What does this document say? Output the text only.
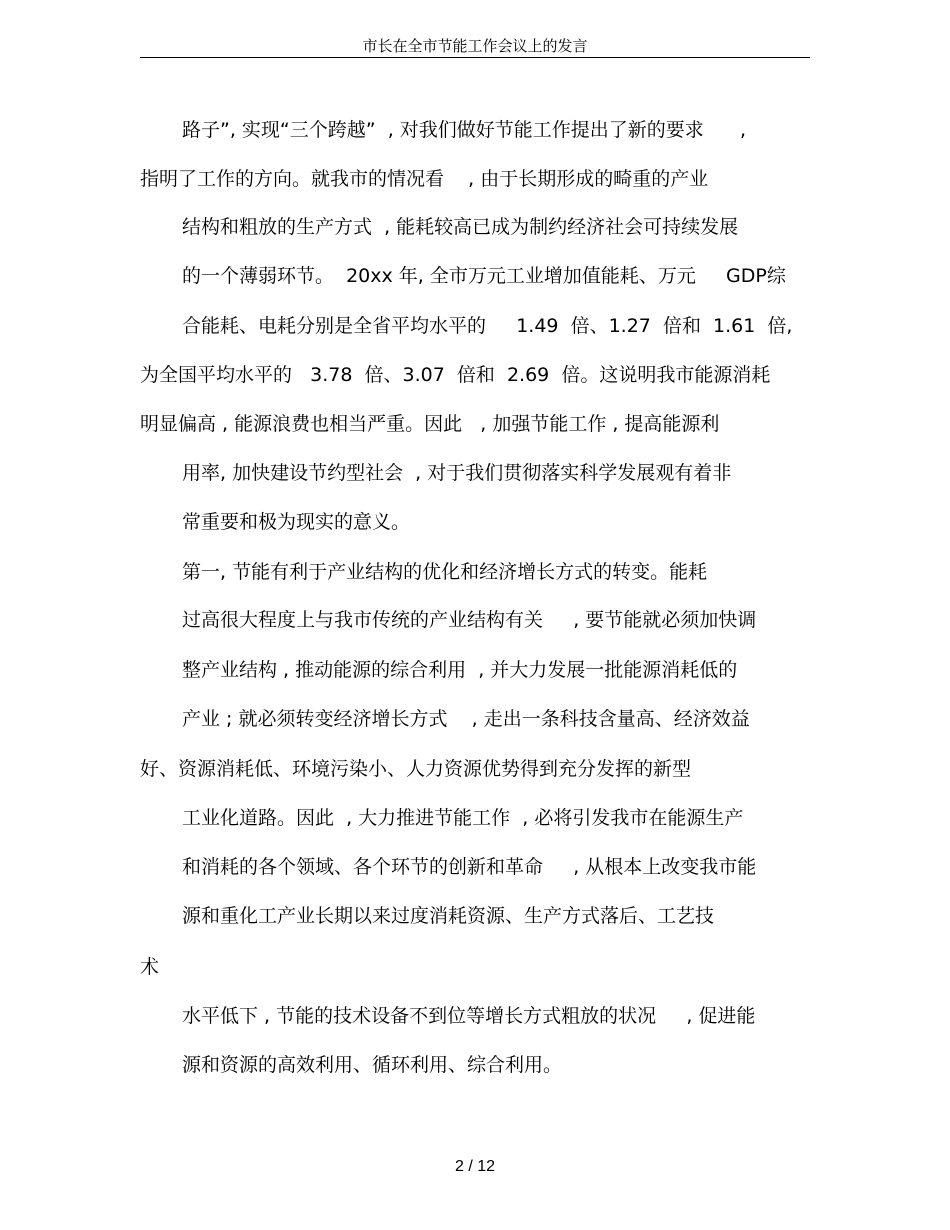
市长在全市节能工作会议上的发言
路子”, 实现“三个跨越”  , 对我们做好节能工作提出了新的要求      ,
指明了工作的方向。就我市的情况看    , 由于长期形成的畸重的产业
结构和粗放的生产方式  , 能耗较高已成为制约经济社会可持续发展
的一个薄弱环节。  20xx 年, 全市万元工业增加值能耗、万元     GDP综
合能耗、电耗分别是全省平均水平的     1.49  倍、1.27  倍和  1.61  倍,
为全国平均水平的   3.78  倍、3.07  倍和  2.69  倍。这说明我市能源消耗
明显偏高 , 能源浪费也相当严重。因此   , 加强节能工作 , 提高能源利
用率, 加快建设节约型社会  , 对于我们贯彻落实科学发展观有着非
常重要和极为现实的意义。
第一, 节能有利于产业结构的优化和经济增长方式的转变。能耗
过高很大程度上与我市传统的产业结构有关     , 要节能就必须加快调
整产业结构 , 推动能源的综合利用  , 并大力发展一批能源消耗低的
产业 ; 就必须转变经济增长方式    , 走出一条科技含量高、经济效益
好、资源消耗低、环境污染小、人力资源优势得到充分发挥的新型
工业化道路。因此  , 大力推进节能工作  , 必将引发我市在能源生产
和消耗的各个领域、各个环节的创新和革命     , 从根本上改变我市能
源和重化工产业长期以来过度消耗资源、生产方式落后、工艺技
术
水平低下 , 节能的技术设备不到位等增长方式粗放的状况     , 促进能
源和资源的高效利用、循环利用、综合利用。
2 / 12
